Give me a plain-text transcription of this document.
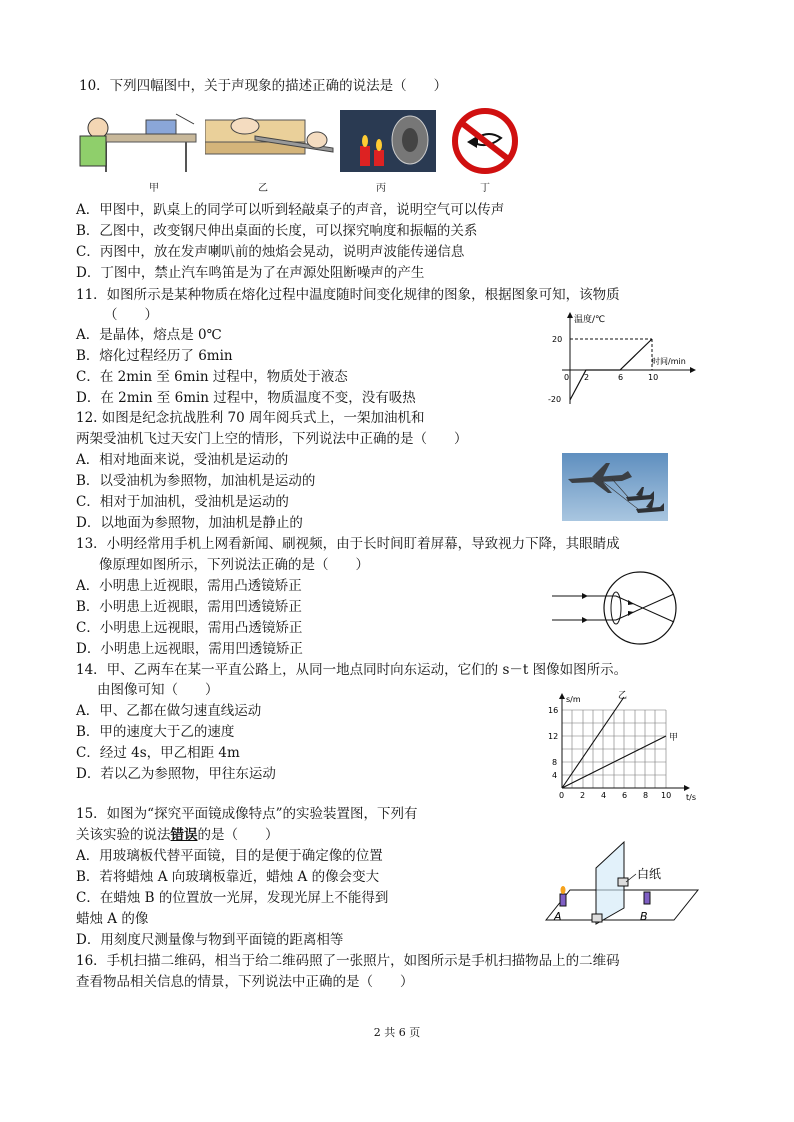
10．下列四幅图中，关于声现象的描述正确的说法是（　　）
甲	乙	丙	丁
A．甲图中，趴桌上的同学可以听到轻敲桌子的声音，说明空气可以传声
B．乙图中，改变钢尺伸出桌面的长度，可以探究响度和振幅的关系
C．丙图中，放在发声喇叭前的烛焰会晃动，说明声波能传递信息
D．丁图中，禁止汽车鸣笛是为了在声源处阻断噪声的产生
11．如图所示是某种物质在熔化过程中温度随时间变化规律的图象，根据图象可知，该物质
（　　）
A．是晶体，熔点是 0℃
B．熔化过程经历了 6min
C．在 2min 至 6min 过程中，物质处于液态
D．在 2min 至 6min 过程中，物质温度不变，没有吸热
温度/℃
时间/min
20
-20
0 2	6	10
12. 如图是纪念抗战胜利 70 周年阅兵式上，一架加油机和
两架受油机飞过天安门上空的情形，下列说法中正确的是（　　）
A．相对地面来说，受油机是运动的
B．以受油机为参照物，加油机是运动的
C．相对于加油机，受油机是运动的
D．以地面为参照物，加油机是静止的
13．小明经常用手机上网看新闻、刷视频，由于长时间盯着屏幕，导致视力下降，其眼睛成
像原理如图所示，下列说法正确的是（　　）
A．小明患上近视眼，需用凸透镜矫正
B．小明患上近视眼，需用凹透镜矫正
C．小明患上远视眼，需用凸透镜矫正
D．小明患上远视眼，需用凹透镜矫正
14．甲、乙两车在某一平直公路上，从同一地点同时向东运动，它们的 s－t 图像如图所示。
由图像可知（　　）
A．甲、乙都在做匀速直线运动
B．甲的速度大于乙的速度
C．经过 4s，甲乙相距 4m
D．若以乙为参照物，甲往东运动
s/m
t/s
16
12
8
4
0 2 4 6 8 10
乙
甲
15．如图为“探究平面镜成像特点”的实验装置图，下列有
关该实验的说法错误的是（　　）
A．用玻璃板代替平面镜，目的是便于确定像的位置
B．若将蜡烛 A 向玻璃板靠近，蜡烛 A 的像会变大
C．在蜡烛 B 的位置放一光屏，发现光屏上不能得到
蜡烛 A 的像
D．用刻度尺测量像与物到平面镜的距离相等
白纸
A	B
16．手机扫描二维码，相当于给二维码照了一张照片，如图所示是手机扫描物品上的二维码
查看物品相关信息的情景，下列说法中正确的是（　　）
2 共 6 页
